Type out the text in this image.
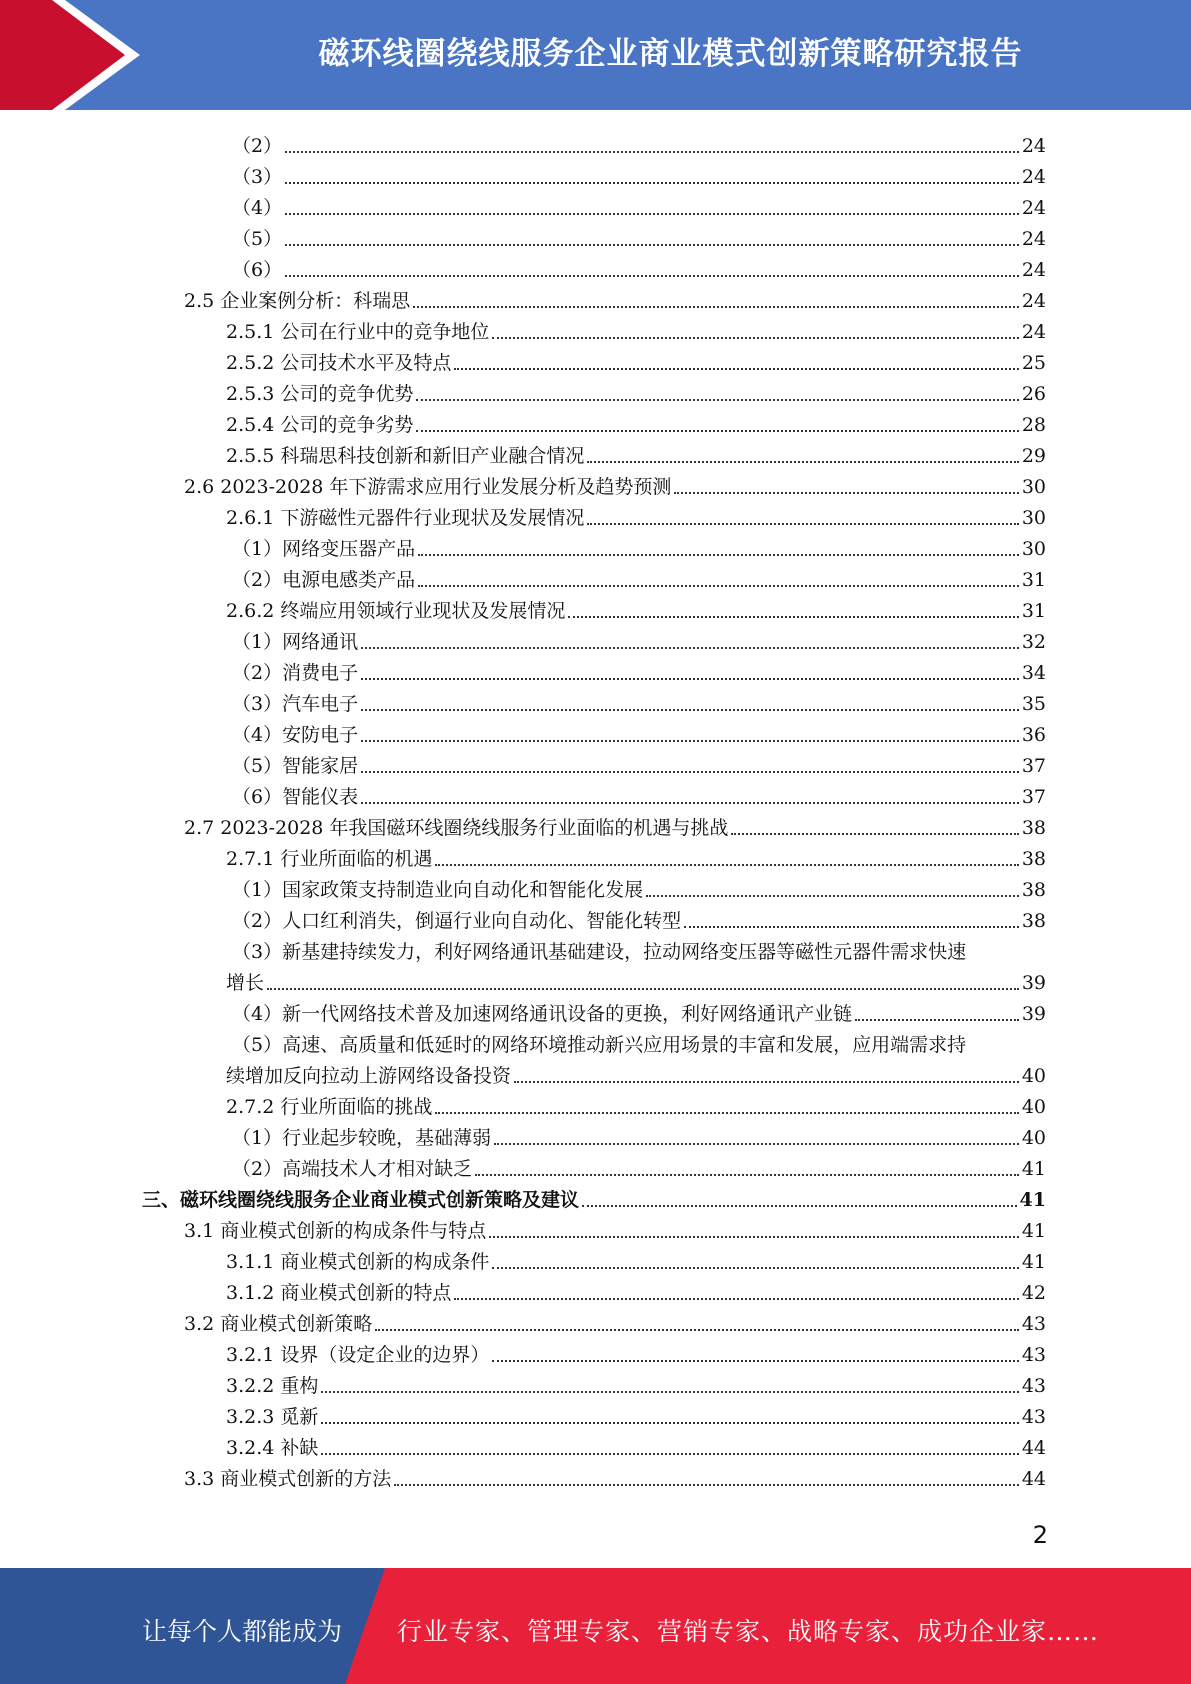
磁环线圈绕线服务企业商业模式创新策略研究报告
（2）	24
（3）	24
（4）	24
（5）	24
（6）	24
2.5 企业案例分析：科瑞思	24
2.5.1 公司在行业中的竞争地位	24
2.5.2 公司技术水平及特点	25
2.5.3 公司的竞争优势	26
2.5.4 公司的竞争劣势	28
2.5.5 科瑞思科技创新和新旧产业融合情况	29
2.6 2023-2028 年下游需求应用行业发展分析及趋势预测	30
2.6.1 下游磁性元器件行业现状及发展情况	30
（1）网络变压器产品	30
（2）电源电感类产品	31
2.6.2 终端应用领域行业现状及发展情况	31
（1）网络通讯	32
（2）消费电子	34
（3）汽车电子	35
（4）安防电子	36
（5）智能家居	37
（6）智能仪表	37
2.7 2023-2028 年我国磁环线圈绕线服务行业面临的机遇与挑战	38
2.7.1 行业所面临的机遇	38
（1）国家政策支持制造业向自动化和智能化发展	38
（2）人口红利消失，倒逼行业向自动化、智能化转型	38
（3）新基建持续发力，利好网络通讯基础建设，拉动网络变压器等磁性元器件需求快速
增长	39
（4）新一代网络技术普及加速网络通讯设备的更换，利好网络通讯产业链	39
（5）高速、高质量和低延时的网络环境推动新兴应用场景的丰富和发展，应用端需求持
续增加反向拉动上游网络设备投资	40
2.7.2 行业所面临的挑战	40
（1）行业起步较晚，基础薄弱	40
（2）高端技术人才相对缺乏	41
三、磁环线圈绕线服务企业商业模式创新策略及建议	41
3.1 商业模式创新的构成条件与特点	41
3.1.1 商业模式创新的构成条件	41
3.1.2 商业模式创新的特点	42
3.2 商业模式创新策略	43
3.2.1 设界（设定企业的边界）	43
3.2.2 重构	43
3.2.3 觅新	43
3.2.4 补缺	44
3.3 商业模式创新的方法	44
2
让每个人都能成为 行业专家、管理专家、营销专家、战略专家、成功企业家……
